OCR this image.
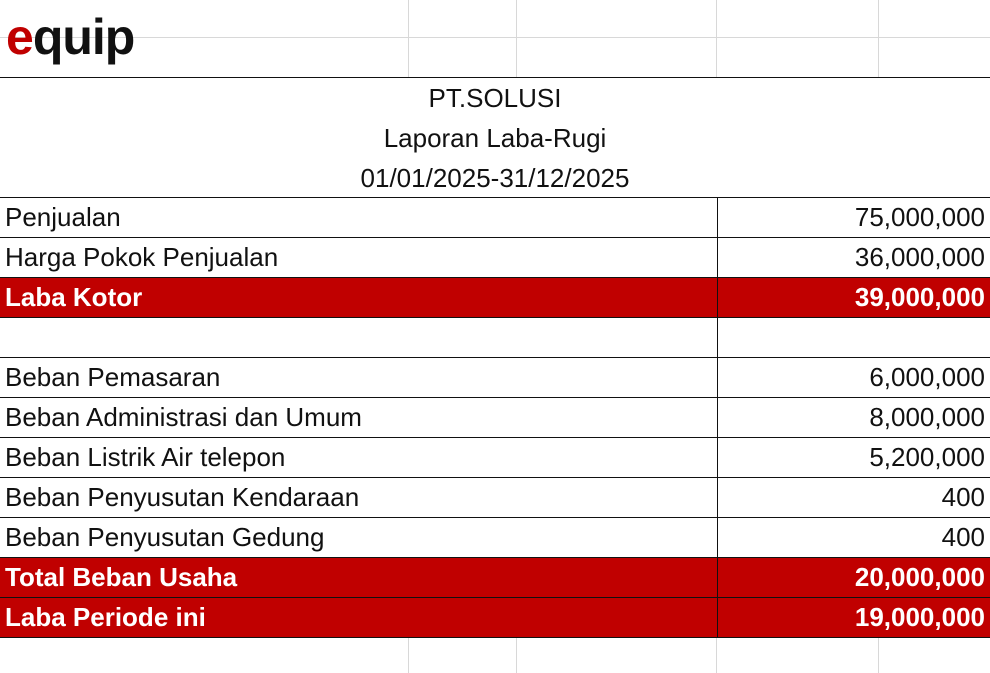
e quip
PT.SOLUSI
Laporan Laba-Rugi
01/01/2025-31/12/2025
Penjualan	75,000,000
Harga Pokok Penjualan	36,000,000
Laba Kotor	39,000,000

Beban Pemasaran	6,000,000
Beban Administrasi dan Umum	8,000,000
Beban Listrik Air telepon	5,200,000
Beban Penyusutan Kendaraan	400
Beban Penyusutan Gedung	400
Total Beban Usaha	20,000,000
Laba Periode ini	19,000,000
